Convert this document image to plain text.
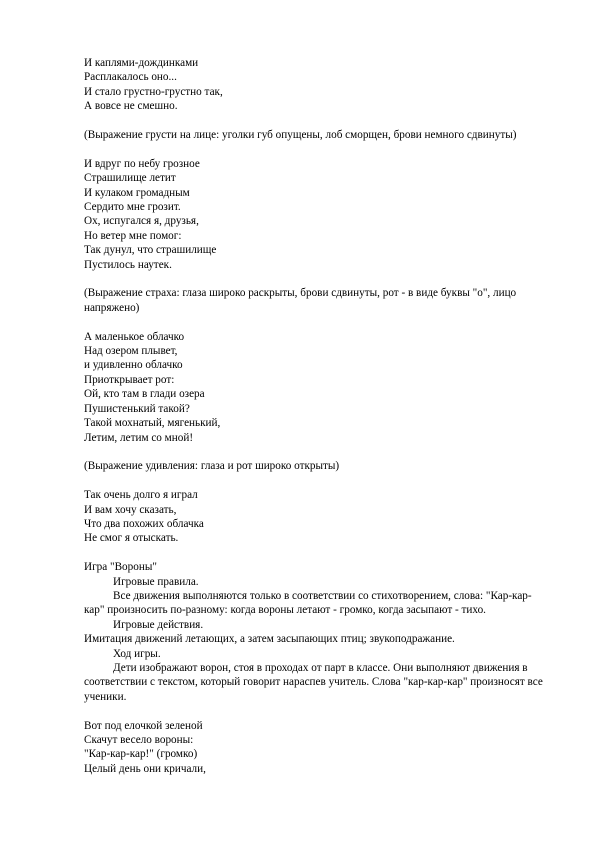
И каплями-дождинками
Расплакалось оно...
И стало грустно-грустно так,
А вовсе не смешно.
(Выражение грусти на лице: уголки губ опущены, лоб сморщен, брови немного сдвинуты)
И вдруг по небу грозное
Страшилище летит
И кулаком громадным
Сердито мне грозит.
Ох, испугался я, друзья,
Но ветер мне помог:
Так дунул, что страшилище
Пустилось наутек.
(Выражение страха: глаза широко раскрыты, брови сдвинуты, рот - в виде буквы "о", лицо напряжено)
А маленькое облачко
Над озером плывет,
и удивленно облачко
Приоткрывает рот:
Ой, кто там в глади озера
Пушистенький такой?
Такой мохнатый, мягенький,
Летим, летим со мной!
(Выражение удивления: глаза и рот широко открыты)
Так очень долго я играл
И вам хочу сказать,
Что два похожих облачка
Не смог я отыскать.
Игра "Вороны"
Игровые правила.
Все движения выполняются только в соответствии со стихотворением, слова: "Кар-кар-кар" произносить по-разному: когда вороны летают - громко, когда засыпают - тихо.
Игровые действия.
Имитация движений летающих, а затем засыпающих птиц; звукоподражание.
Ход игры.
Дети изображают ворон, стоя в проходах от парт в классе. Они выполняют движения в соответствии с текстом, который говорит нараспев учитель. Слова "кар-кар-кар" произносят все ученики.
Вот под елочкой зеленой
Скачут весело вороны:
"Кар-кар-кар!" (громко)
Целый день они кричали,
